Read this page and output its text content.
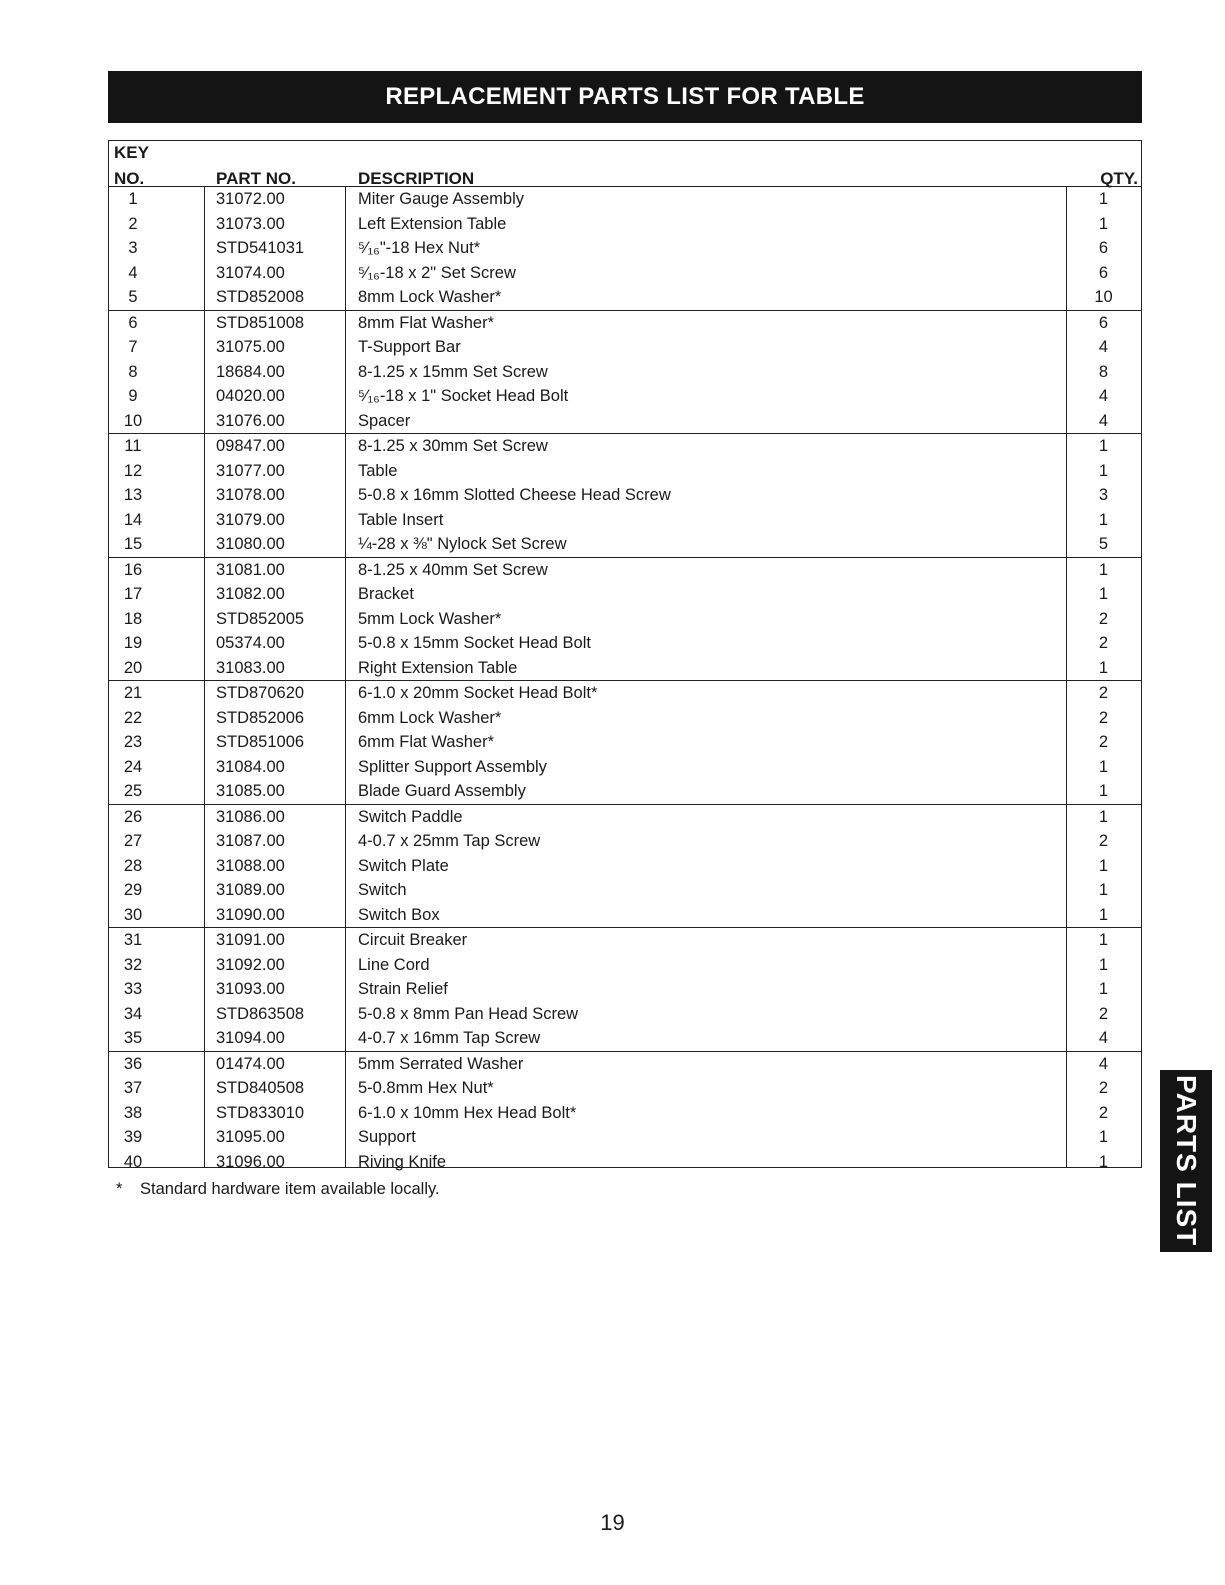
REPLACEMENT PARTS LIST FOR TABLE
KEY
NO.	PART NO.	DESCRIPTION	QTY.
1	31072.00	Miter Gauge Assembly	1
2	31073.00	Left Extension Table	1
3	STD541031	⁵⁄₁₆"-18 Hex Nut*	6
4	31074.00	⁵⁄₁₆-18 x 2" Set Screw	6
5	STD852008	8mm Lock Washer*	10
6	STD851008	8mm Flat Washer*	6
7	31075.00	T-Support Bar	4
8	18684.00	8-1.25 x 15mm Set Screw	8
9	04020.00	⁵⁄₁₆-18 x 1" Socket Head Bolt	4
10	31076.00	Spacer	4
11	09847.00	8-1.25 x 30mm Set Screw	1
12	31077.00	Table	1
13	31078.00	5-0.8 x 16mm Slotted Cheese Head Screw	3
14	31079.00	Table Insert	1
15	31080.00	¼-28 x ⅜" Nylock Set Screw	5
16	31081.00	8-1.25 x 40mm Set Screw	1
17	31082.00	Bracket	1
18	STD852005	5mm Lock Washer*	2
19	05374.00	5-0.8 x 15mm Socket Head Bolt	2
20	31083.00	Right Extension Table	1
21	STD870620	6-1.0 x 20mm Socket Head Bolt*	2
22	STD852006	6mm Lock Washer*	2
23	STD851006	6mm Flat Washer*	2
24	31084.00	Splitter Support Assembly	1
25	31085.00	Blade Guard Assembly	1
26	31086.00	Switch Paddle	1
27	31087.00	4-0.7 x 25mm Tap Screw	2
28	31088.00	Switch Plate	1
29	31089.00	Switch	1
30	31090.00	Switch Box	1
31	31091.00	Circuit Breaker	1
32	31092.00	Line Cord	1
33	31093.00	Strain Relief	1
34	STD863508	5-0.8 x 8mm Pan Head Screw	2
35	31094.00	4-0.7 x 16mm Tap Screw	4
36	01474.00	5mm Serrated Washer	4
37	STD840508	5-0.8mm Hex Nut*	2
38	STD833010	6-1.0 x 10mm Hex Head Bolt*	2
39	31095.00	Support	1
40	31096.00	Riving Knife	1
* Standard hardware item available locally.
19
PARTS LIST
